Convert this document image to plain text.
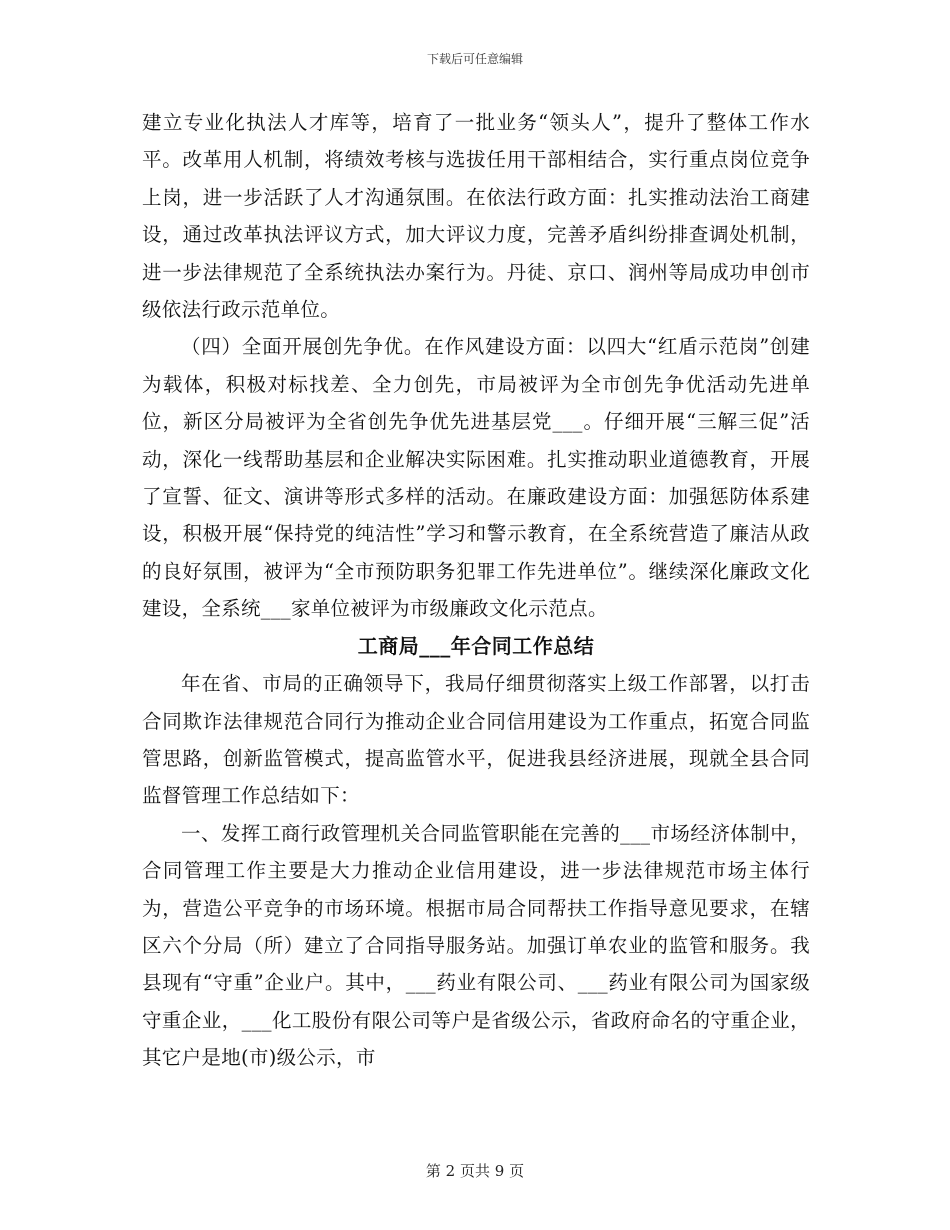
下载后可任意编辑

建立专业化执法人才库等，培育了一批业务“领头人”，提升了整体工作水平。改革用人机制，将绩效考核与选拔任用干部相结合，实行重点岗位竞争上岗，进一步活跃了人才沟通氛围。在依法行政方面：扎实推动法治工商建设，通过改革执法评议方式，加大评议力度，完善矛盾纠纷排查调处机制，进一步法律规范了全系统执法办案行为。丹徒、京口、润州等局成功申创市级依法行政示范单位。

（四）全面开展创先争优。在作风建设方面：以四大“红盾示范岗”创建为载体，积极对标找差、全力创先，市局被评为全市创先争优活动先进单位，新区分局被评为全省创先争优先进基层党___。仔细开展“三解三促”活动，深化一线帮助基层和企业解决实际困难。扎实推动职业道德教育，开展了宣誓、征文、演讲等形式多样的活动。在廉政建设方面：加强惩防体系建设，积极开展“保持党的纯洁性”学习和警示教育，在全系统营造了廉洁从政的良好氛围，被评为“全市预防职务犯罪工作先进单位”。继续深化廉政文化建设，全系统___家单位被评为市级廉政文化示范点。

工商局___年合同工作总结

年在省、市局的正确领导下，我局仔细贯彻落实上级工作部署，以打击合同欺诈法律规范合同行为推动企业合同信用建设为工作重点，拓宽合同监管思路，创新监管模式，提高监管水平，促进我县经济进展，现就全县合同监督管理工作总结如下：

一、发挥工商行政管理机关合同监管职能在完善的___市场经济体制中，合同管理工作主要是大力推动企业信用建设，进一步法律规范市场主体行为，营造公平竞争的市场环境。根据市局合同帮扶工作指导意见要求，在辖区六个分局（所）建立了合同指导服务站。加强订单农业的监管和服务。我县现有“守重”企业户。其中，___药业有限公司、___药业有限公司为国家级守重企业，___化工股份有限公司等户是省级公示，省政府命名的守重企业，其它户是地(市)级公示，市

第 2 页共 9 页
